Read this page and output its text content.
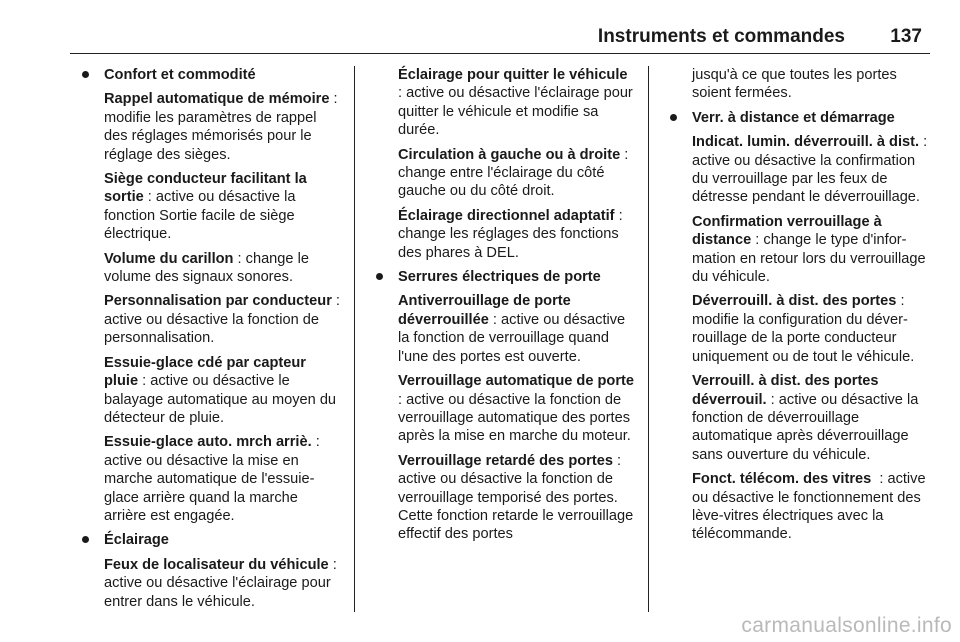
Instruments et commandes 137
Confort et commodité
Rappel automatique de mémoire : modifie les paramètres de rappel des réglages mémorisés pour le réglage des sièges.
Siège conducteur facilitant la sortie : active ou désactive la fonction Sortie facile de siège électrique.
Volume du carillon : change le volume des signaux sonores.
Personnalisation par conducteur : active ou désactive la fonction de personnalisation.
Essuie-glace cdé par capteur pluie : active ou désactive le balayage automatique au moyen du détecteur de pluie.
Essuie-glace auto. mrch arriè. : active ou désactive la mise en marche automatique de l'essuie-glace arrière quand la marche arrière est engagée.
Éclairage
Feux de localisateur du véhicule : active ou désactive l'éclairage pour entrer dans le véhicule.
Éclairage pour quitter le véhicule : active ou désactive l'éclairage pour quitter le véhicule et modifie sa durée.
Circulation à gauche ou à droite : change entre l'éclairage du côté gauche ou du côté droit.
Éclairage directionnel adaptatif : change les réglages des fonctions des phares à DEL.
Serrures électriques de porte
Antiverrouillage de porte déverrouillée : active ou désactive la fonction de verrouillage quand l'une des portes est ouverte.
Verrouillage automatique de porte : active ou désactive la fonction de verrouillage automatique des portes après la mise en marche du moteur.
Verrouillage retardé des portes : active ou désactive la fonction de verrouillage temporisé des portes. Cette fonction retarde le verrouillage effectif des portes
jusqu'à ce que toutes les portes soient fermées.
Verr. à distance et démarrage
Indicat. lumin. déverrouill. à dist. : active ou désactive la confirmation du verrouillage par les feux de détresse pendant le déverrouillage.
Confirmation verrouillage à distance : change le type d'information en retour lors du verrouillage du véhicule.
Déverrouill. à dist. des portes : modifie la configuration du déverrouillage de la porte conducteur uniquement ou de tout le véhicule.
Verrouill. à dist. des portes déverrouil. : active ou désactive la fonction de déverrouillage automatique après déverrouillage sans ouverture du véhicule.
Fonct. télécom. des vitres  : active ou désactive le fonctionnement des lève-vitres électriques avec la télécommande.
carmanualsonline.info
